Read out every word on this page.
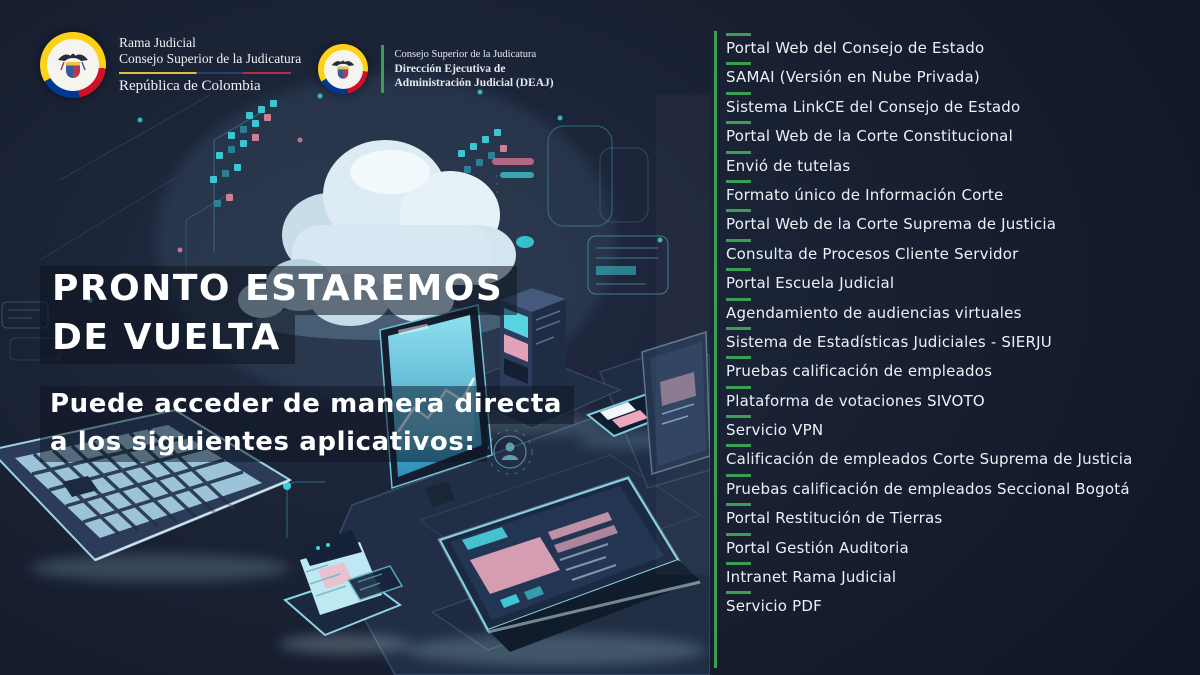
Rama Judicial
Consejo Superior de la Judicatura
República de Colombia
Consejo Superior de la Judicatura
Dirección Ejecutiva de
Administración Judicial (DEAJ)
PRONTO ESTAREMOS
DE VUELTA
Puede acceder de manera directa
a los siguientes aplicativos:
Portal Web del Consejo de Estado
SAMAI (Versión en Nube Privada)
Sistema LinkCE del Consejo de Estado
Portal Web de la Corte Constitucional
Envió de tutelas
Formato único de Información Corte
Portal Web de la Corte Suprema de Justicia
Consulta de Procesos Cliente Servidor
Portal Escuela Judicial
Agendamiento de audiencias virtuales
Sistema de Estadísticas Judiciales - SIERJU
Pruebas calificación de empleados
Plataforma de votaciones SIVOTO
Servicio VPN
Calificación de empleados Corte Suprema de Justicia
Pruebas calificación de empleados Seccional Bogotá
Portal Restitución de Tierras
Portal Gestión Auditoria
Intranet Rama Judicial
Servicio PDF
